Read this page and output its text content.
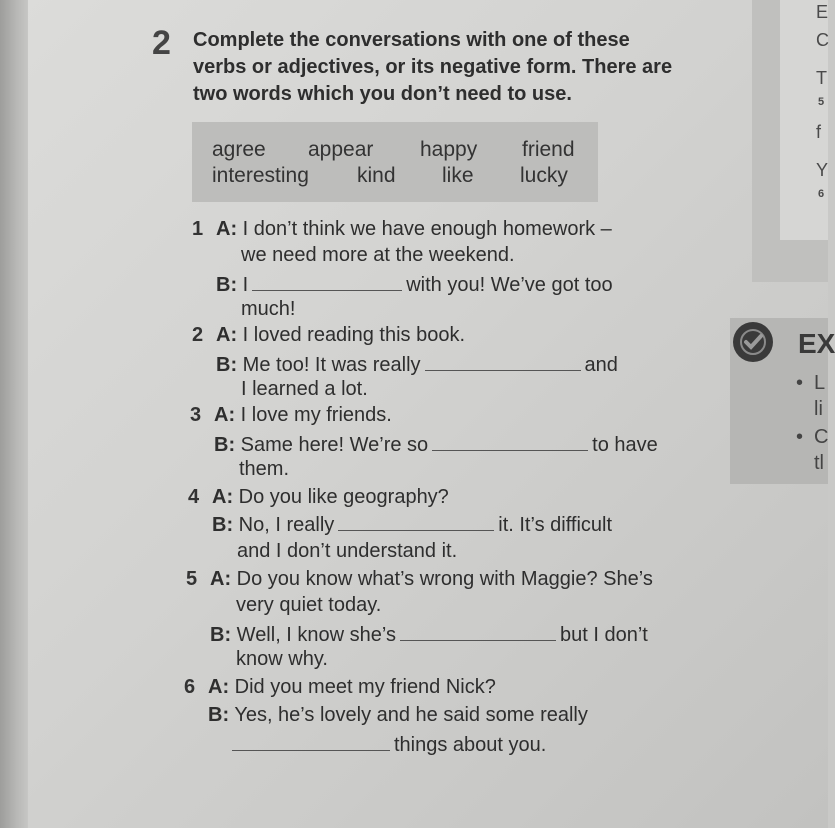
E
C
T
5
f
Y
6
EX
• L
li
• C
tl
2 Complete the conversations with one of these
verbs or adjectives, or its negative form. There are
two words which you don’t need to use.
agree appear happy friend
interesting kind like lucky
1 A: I don’t think we have enough homework –
we need more at the weekend.
B: I	with you! We’ve got too
much!
2 A: I loved reading this book.
B: Me too! It was really	and
I learned a lot.
3 A: I love my friends.
B: Same here! We’re so	to have
them.
4 A: Do you like geography?
B: No, I really	it. It’s difficult
and I don’t understand it.
5 A: Do you know what’s wrong with Maggie? She’s
very quiet today.
B: Well, I know she’s	but I don’t
know why.
6 A: Did you meet my friend Nick?
B: Yes, he’s lovely and he said some really
things about you.
